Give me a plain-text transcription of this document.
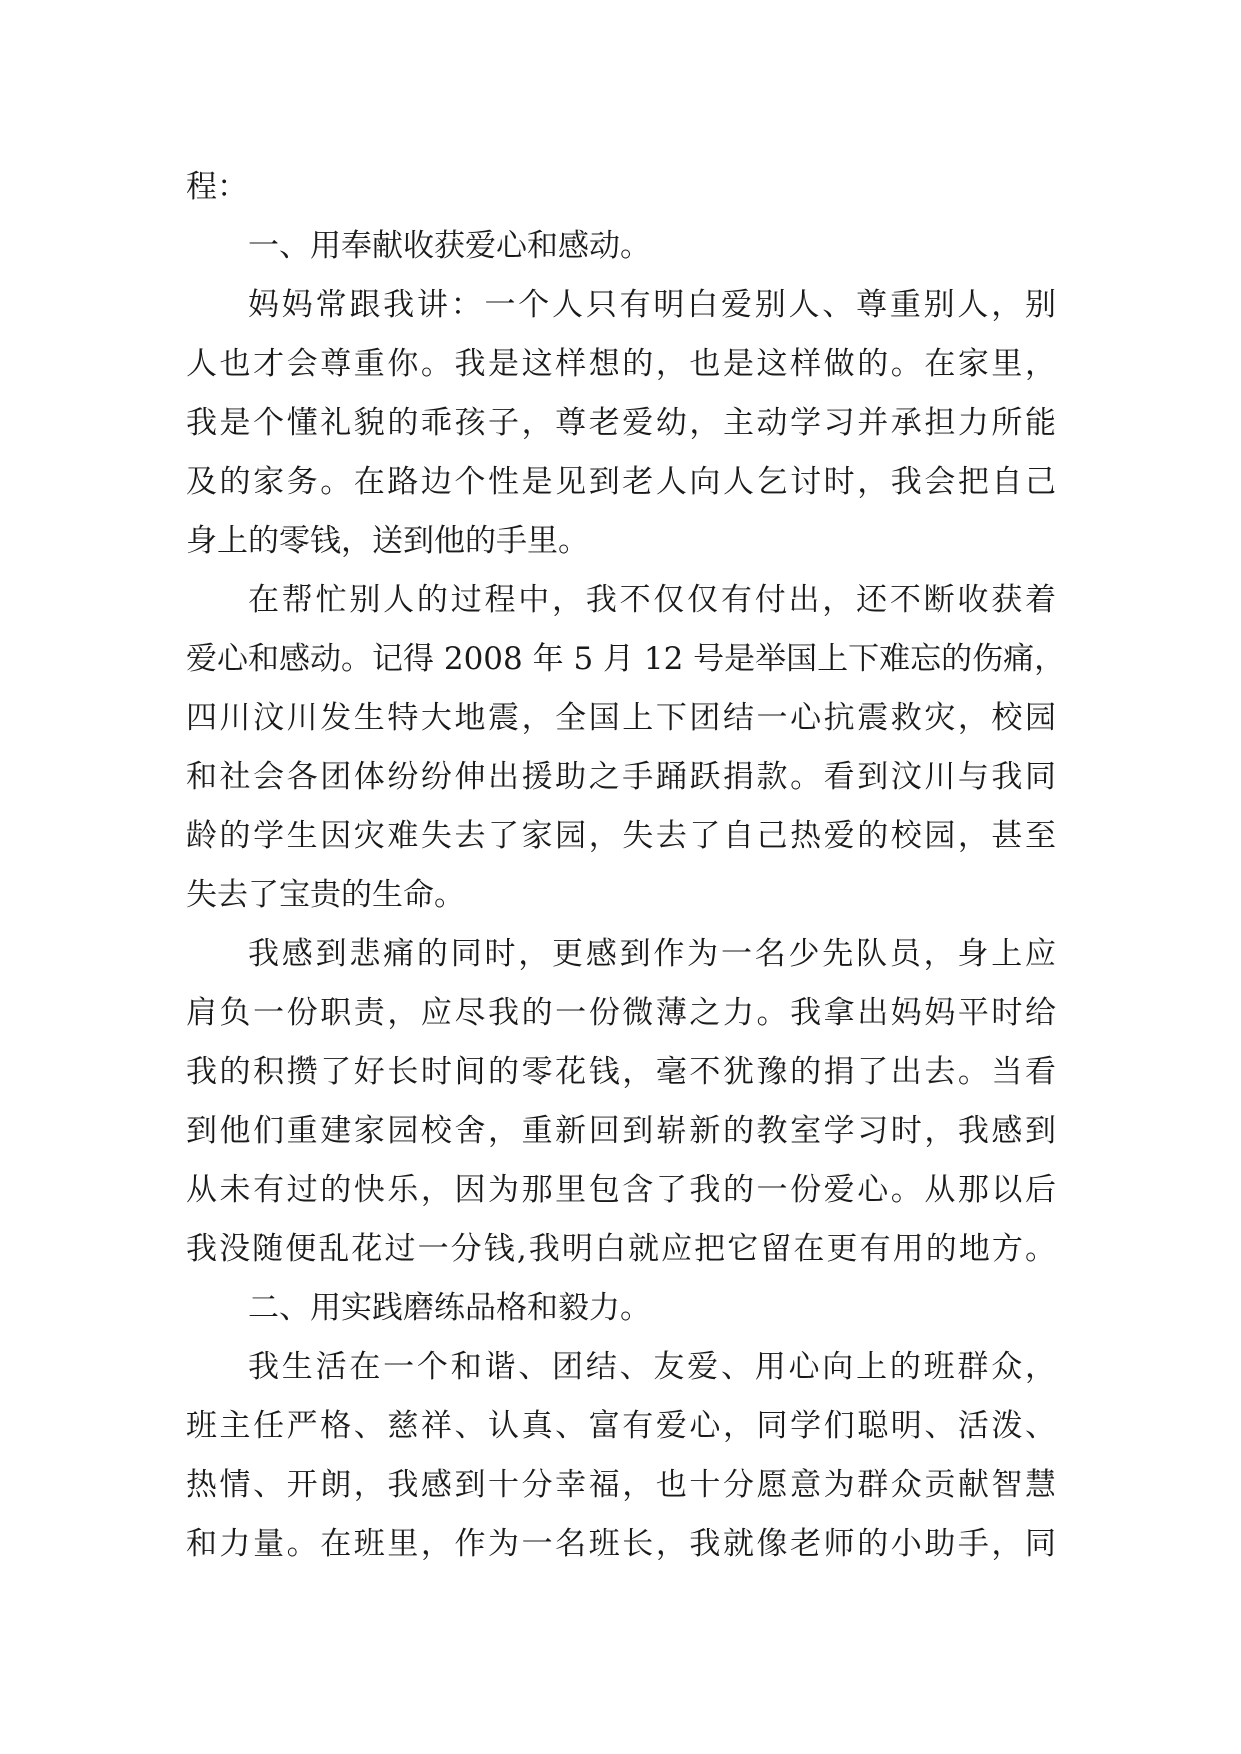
程：
一、用奉献收获爱心和感动。
妈妈常跟我讲：一个人只有明白爱别人、尊重别人，别
人也才会尊重你。我是这样想的，也是这样做的。在家里，
我是个懂礼貌的乖孩子，尊老爱幼，主动学习并承担力所能
及的家务。在路边个性是见到老人向人乞讨时，我会把自己
身上的零钱，送到他的手里。
在帮忙别人的过程中，我不仅仅有付出，还不断收获着
爱心和感动。记得 2008 年 5 月 12 号是举国上下难忘的伤痛，
四川汶川发生特大地震，全国上下团结一心抗震救灾，校园
和社会各团体纷纷伸出援助之手踊跃捐款。看到汶川与我同
龄的学生因灾难失去了家园，失去了自己热爱的校园，甚至
失去了宝贵的生命。
我感到悲痛的同时，更感到作为一名少先队员，身上应
肩负一份职责，应尽我的一份微薄之力。我拿出妈妈平时给
我的积攒了好长时间的零花钱，毫不犹豫的捐了出去。当看
到他们重建家园校舍，重新回到崭新的教室学习时，我感到
从未有过的快乐，因为那里包含了我的一份爱心。从那以后
我没随便乱花过一分钱,我明白就应把它留在更有用的地方。
二、用实践磨练品格和毅力。
我生活在一个和谐、团结、友爱、用心向上的班群众，
班主任严格、慈祥、认真、富有爱心，同学们聪明、活泼、
热情、开朗，我感到十分幸福，也十分愿意为群众贡献智慧
和力量。在班里，作为一名班长，我就像老师的小助手，同
